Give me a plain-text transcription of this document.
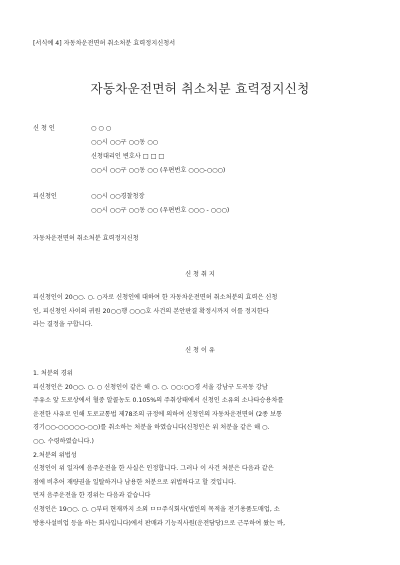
[서식예 4] 자동차운전면허 취소처분 효력정지신청서
자동차운전면허 취소처분 효력정지신청
신 청 인	○ ○ ○
○○시 ○○구 ○○동 ○○
신청대리인 변호사 □ □ □
○○시 ○○구 ○○동 ○○ (우편번호 ○○○-○○○)
피신청인	○○시 ○○경찰청장
○○시 ○○구 ○○동 ○○ (우편번호 ○○○ - ○○○)
자동차운전면허 취소처분 효력정지신청
신 청 취 지
피신청인이 20○○. ○. ○자로 신청인에 대하여 한 자동차운전면허 취소처분의 효력은 신청
인, 피신청인 사이의 귀원 20○○행 ○○○호 사건의 본안판결 확정시까지 이를 정지한다
라는 결정을 구합니다.
신 청 이 유
1. 처분의 경위
피신청인은 20○○. ○. ○ 신청인이 같은 해 ○. ○. ○○:○○경 서울 강남구 도곡동 강남
주유소 앞 도로상에서 혈중 알콜농도 0.105%의 주취상태에서 신청인 소유의 소나타승용차를
운전한 사유로 인해 도로교통법 제78조의 규정에 의하여 신청인의 자동차운전면허 (2종 보통
경기○○-○○○○○-○○)를 취소하는 처분을 하였습니다(신청인은 위 처분을 같은 해 ○.
○○. 수령하였습니다.)
2.처분의 위법성
신청인이 위 일자에 음주운전을 한 사실은 인정합니다. 그러나 이 사건 처분은 다음과 같은
점에 비추어 재량권을 일탈하거나 남용한 처분으로 위법하다고 할 것입니다.
먼저 음주운전을 한 경위는 다음과 같습니다
신청인은 19○○. ○. ○부터 현재까지 소외 ㅁㅁ주식회사(법인의 목적을 전기용품도매업, 소
방용사설비업 등을 하는 회사입니다)에서 판매과 기능직사원(운전담당)으로 근무하여 왔는 바,
